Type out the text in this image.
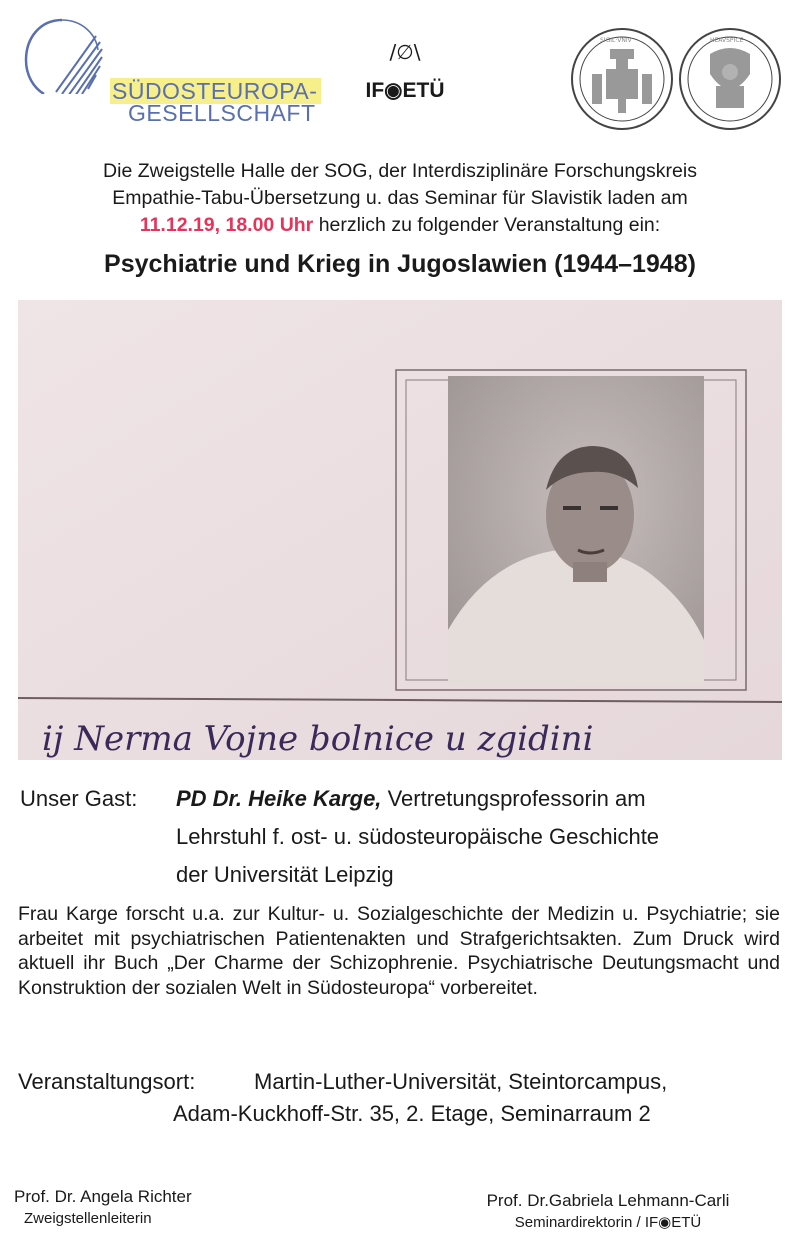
SÜDOSTEUROPA-
GESELLSCHAFT
/∅\
IF◉ETÜ
SIGIL·VNIV	HEAVSPICE
Die Zweigstelle Halle der SOG, der Interdisziplinäre Forschungskreis
Empathie-Tabu-Übersetzung u. das Seminar für Slavistik laden am
11.12.19, 18.00 Uhr herzlich zu folgender Veranstaltung ein:
Psychiatrie und Krieg in Jugoslawien (1944–1948)
ij Nerma Vojne bolnice u zgidini
Unser Gast: PD Dr. Heike Karge, Vertretungsprofessorin am
Lehrstuhl f. ost- u. südosteuropäische Geschichte
der Universität Leipzig
Frau Karge forscht u.a. zur Kultur- u. Sozialgeschichte der Medizin u. Psychiatrie; sie arbeitet mit psychiatrischen Patientenakten und Strafgerichtsakten. Zum Druck wird aktuell ihr Buch „Der Charme der Schizophrenie. Psychiatrische Deutungsmacht und Konstruktion der sozialen Welt in Südosteuropa“ vorbereitet.
Veranstaltungsort:	Martin-Luther-Universität, Steintorcampus,
Adam-Kuckhoff-Str. 35, 2. Etage, Seminarraum 2
Prof. Dr. Angela Richter
Zweigstellenleiterin
Prof. Dr.Gabriela Lehmann-Carli
Seminardirektorin / IF◉ETÜ
